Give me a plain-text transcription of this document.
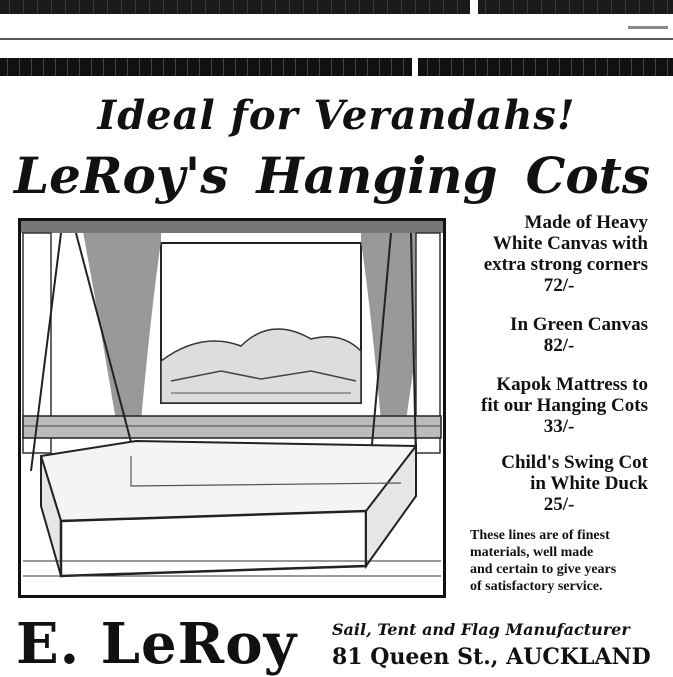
Ideal for Verandahs!
LeRoy's Hanging Cots
Made of Heavy
White Canvas with
extra strong corners
72/-
In Green Canvas
82/-
Kapok Mattress to
fit our Hanging Cots
33/-
Child's Swing Cot
in White Duck
25/-
These lines are of finest
materials, well made
and certain to give years
of satisfactory service.
E. LeRoy Sail, Tent and Flag Manufacturer
81 Queen St., AUCKLAND
